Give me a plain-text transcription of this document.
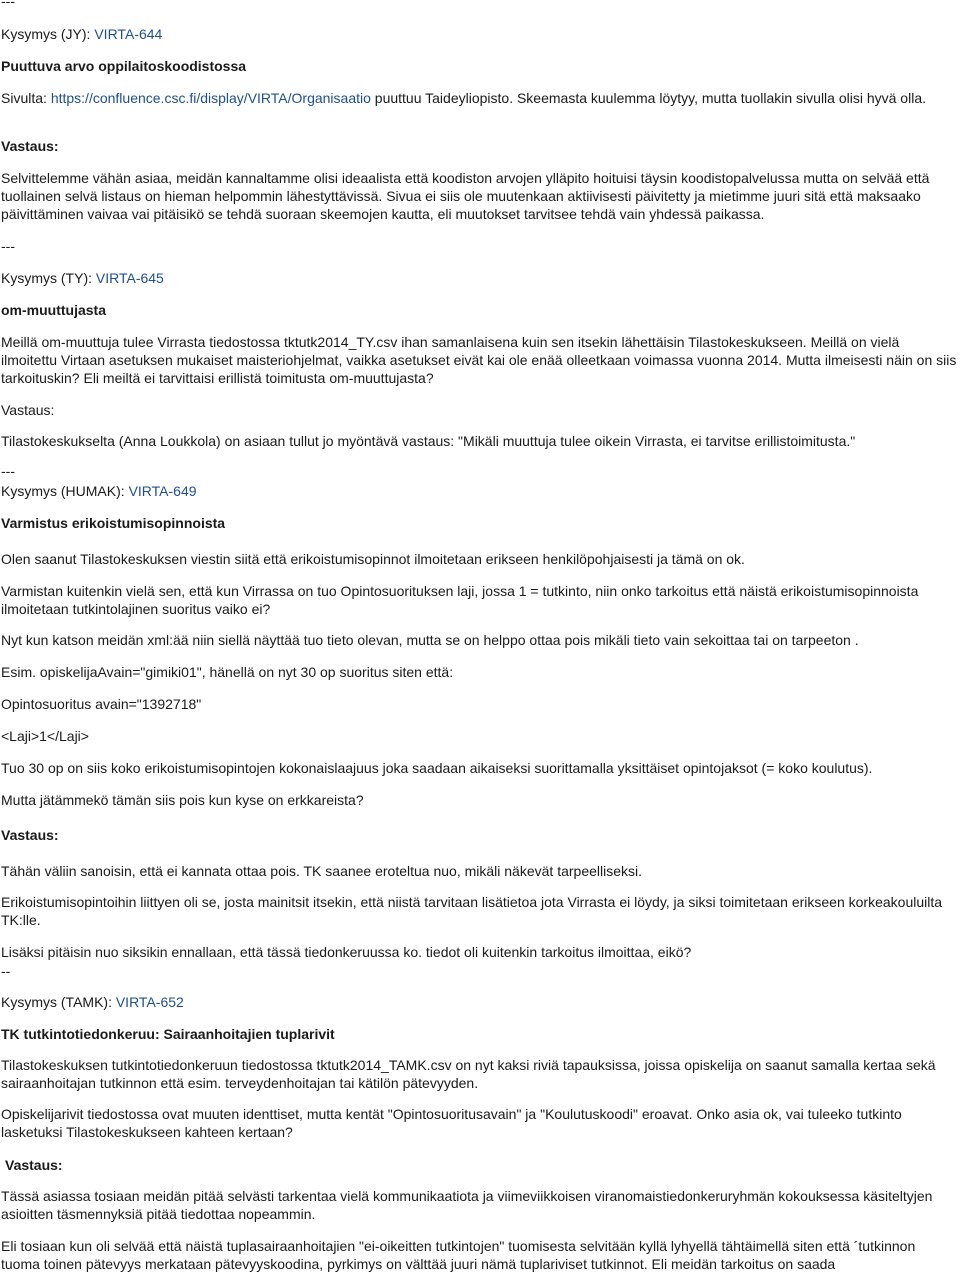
---

Kysymys (JY): VIRTA-644

Puuttuva arvo oppilaitoskoodistossa

Sivulta: https://confluence.csc.fi/display/VIRTA/Organisaatio puuttuu Taideyliopisto. Skeemasta kuulemma löytyy, mutta tuollakin sivulla olisi hyvä olla.

Vastaus:

Selvittelemme vähän asiaa, meidän kannaltamme olisi ideaalista että koodiston arvojen ylläpito hoituisi täysin koodistopalvelussa mutta on selvää että tuollainen selvä listaus on hieman helpommin lähestyttävissä. Sivua ei siis ole muutenkaan aktiivisesti päivitetty ja mietimme juuri sitä että maksaako päivittäminen vaivaa vai pitäisikö se tehdä suoraan skeemojen kautta, eli muutokset tarvitsee tehdä vain yhdessä paikassa.

---

Kysymys (TY): VIRTA-645

om-muuttujasta

Meillä om-muuttuja tulee Virrasta tiedostossa tktutk2014_TY.csv ihan samanlaisena kuin sen itsekin lähettäisin Tilastokeskukseen. Meillä on vielä ilmoitettu Virtaan asetuksen mukaiset maisteriohjelmat, vaikka asetukset eivät kai ole enää olleetkaan voimassa vuonna 2014. Mutta ilmeisesti näin on siis tarkoituskin? Eli meiltä ei tarvittaisi erillistä toimitusta om-muuttujasta?

Vastaus:

Tilastokeskukselta (Anna Loukkola) on asiaan tullut jo myöntävä vastaus: "Mikäli muuttuja tulee oikein Virrasta, ei tarvitse erillistoimitusta."

---

Kysymys (HUMAK): VIRTA-649

Varmistus erikoistumisopinnoista

Olen saanut Tilastokeskuksen viestin siitä että erikoistumisopinnot ilmoitetaan erikseen henkilöpohjaisesti ja tämä on ok.

Varmistan kuitenkin vielä sen, että kun Virrassa on tuo Opintosuorituksen laji, jossa 1 = tutkinto, niin onko tarkoitus että näistä erikoistumisopinnoista ilmoitetaan tutkintolajinen suoritus vaiko ei?

Nyt kun katson meidän xml:ää niin siellä näyttää tuo tieto olevan, mutta se on helppo ottaa pois mikäli tieto vain sekoittaa tai on tarpeeton .

Esim. opiskelijaAvain="gimiki01", hänellä on nyt 30 op suoritus siten että:

Opintosuoritus avain="1392718"

<Laji>1</Laji>

Tuo 30 op on siis koko erikoistumisopintojen kokonaislaajuus joka saadaan aikaiseksi suorittamalla yksittäiset opintojaksot (= koko koulutus).

Mutta jätämmekö tämän siis pois kun kyse on erkkareista?

Vastaus:

Tähän väliin sanoisin, että ei kannata ottaa pois. TK saanee eroteltua nuo, mikäli näkevät tarpeelliseksi.

Erikoistumisopintoihin liittyen oli se, josta mainitsit itsekin, että niistä tarvitaan lisätietoa jota Virrasta ei löydy, ja siksi toimitetaan erikseen korkeakouluilta TK:lle.

Lisäksi pitäisin nuo siksikin ennallaan, että tässä tiedonkeruussa ko. tiedot oli kuitenkin tarkoitus ilmoittaa, eikö?

--

Kysymys (TAMK): VIRTA-652

TK tutkintotiedonkeruu: Sairaanhoitajien tuplarivit

Tilastokeskuksen tutkintotiedonkeruun tiedostossa tktutk2014_TAMK.csv on nyt kaksi riviä tapauksissa, joissa opiskelija on saanut samalla kertaa sekä sairaanhoitajan tutkinnon että esim. terveydenhoitajan tai kätilön pätevyyden.

Opiskelijarivit tiedostossa ovat muuten identtiset, mutta kentät "Opintosuoritusavain" ja "Koulutuskoodi" eroavat. Onko asia ok, vai tuleeko tutkinto lasketuksi Tilastokeskukseen kahteen kertaan?

Vastaus:

Tässä asiassa tosiaan meidän pitää selvästi tarkentaa vielä kommunikaatiota ja viimeviikkoisen viranomaistiedonkeruryhmän kokouksessa käsiteltyjen asioitten täsmennyksiä pitää tiedottaa nopeammin.

Eli tosiaan kun oli selvää että näistä tuplasairaanhoitajien "ei-oikeitten tutkintojen" tuomisesta selvitään kyllä lyhyellä tähtäimellä siten että ´tutkinnon tuoma toinen pätevyys merkataan pätevyyskoodina, pyrkimys on välttää juuri nämä tuplariviset tutkinnot. Eli meidän tarkoitus on saada
